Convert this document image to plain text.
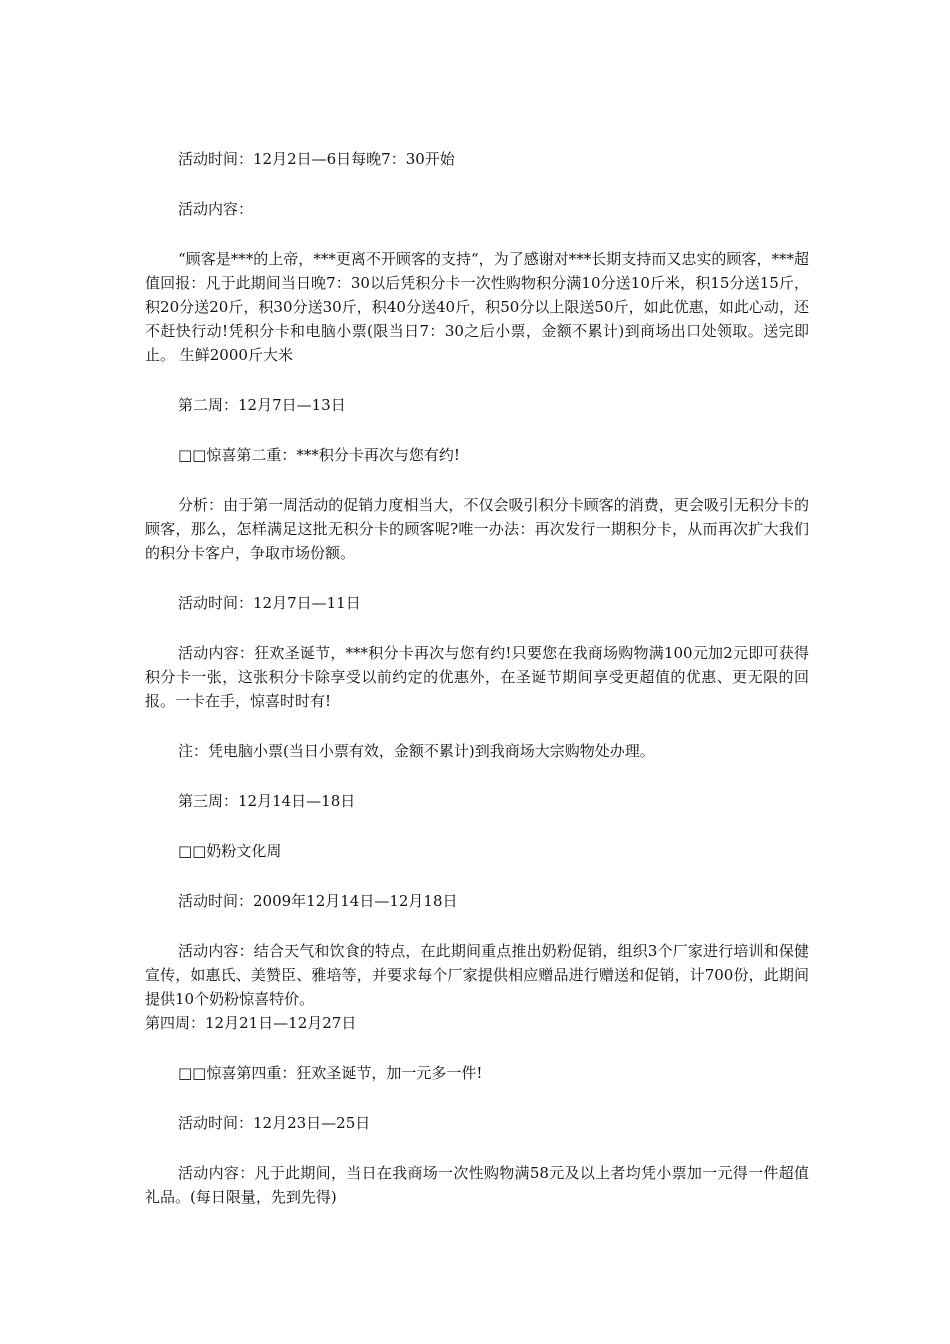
活动时间：12月2日—6日每晚7：30开始

活动内容：

“顾客是***的上帝，***更离不开顾客的支持“，为了感谢对***长期支持而又忠实的顾客，***超值回报：凡于此期间当日晚7：30以后凭积分卡一次性购物积分满10分送10斤米，积15分送15斤，积20分送20斤，积30分送30斤，积40分送40斤，积50分以上限送50斤，如此优惠，如此心动，还不赶快行动!凭积分卡和电脑小票(限当日7：30之后小票，金额不累计)到商场出口处领取。送完即止。 生鲜2000斤大米

第二周：12月7日—13日

□□惊喜第二重：***积分卡再次与您有约!

分析：由于第一周活动的促销力度相当大，不仅会吸引积分卡顾客的消费，更会吸引无积分卡的顾客，那么，怎样满足这批无积分卡的顾客呢?唯一办法：再次发行一期积分卡，从而再次扩大我们的积分卡客户，争取市场份额。

活动时间：12月7日—11日

活动内容：狂欢圣诞节，***积分卡再次与您有约!只要您在我商场购物满100元加2元即可获得积分卡一张，这张积分卡除享受以前约定的优惠外，在圣诞节期间享受更超值的优惠、更无限的回报。一卡在手，惊喜时时有!

注：凭电脑小票(当日小票有效，金额不累计)到我商场大宗购物处办理。

第三周：12月14日—18日

□□奶粉文化周

活动时间：2009年12月14日—12月18日

活动内容：结合天气和饮食的特点，在此期间重点推出奶粉促销，组织3个厂家进行培训和保健宣传，如惠氏、美赞臣、雅培等，并要求每个厂家提供相应赠品进行赠送和促销，计700份，此期间提供10个奶粉惊喜特价。

第四周：12月21日—12月27日

□□惊喜第四重：狂欢圣诞节，加一元多一件!

活动时间：12月23日—25日

活动内容：凡于此期间，当日在我商场一次性购物满58元及以上者均凭小票加一元得一件超值礼品。(每日限量，先到先得)
